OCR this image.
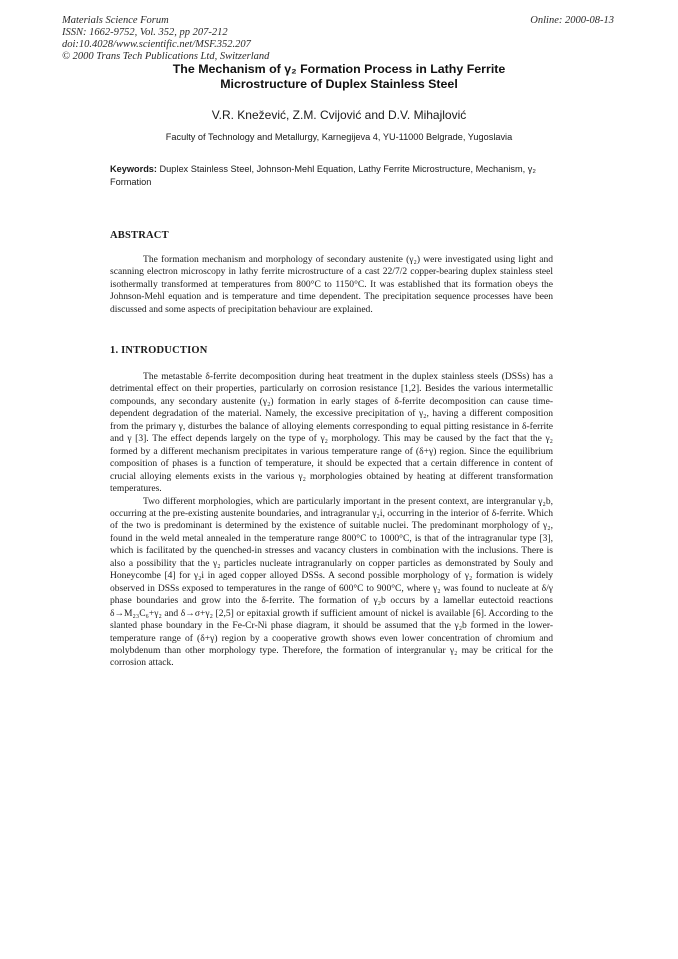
Materials Science Forum
ISSN: 1662-9752, Vol. 352, pp 207-212
doi:10.4028/www.scientific.net/MSF.352.207
© 2000 Trans Tech Publications Ltd, Switzerland
Online: 2000-08-13
The Mechanism of γ₂ Formation Process in Lathy Ferrite
Microstructure of Duplex Stainless Steel
V.R. Knežević, Z.M. Cvijović and D.V. Mihajlović
Faculty of Technology and Metallurgy, Karnegijeva 4, YU-11000 Belgrade, Yugoslavia
Keywords: Duplex Stainless Steel, Johnson-Mehl Equation, Lathy Ferrite Microstructure, Mechanism, γ₂ Formation
ABSTRACT

The formation mechanism and morphology of secondary austenite (γ₂) were investigated using light and scanning electron microscopy in lathy ferrite microstructure of a cast 22/7/2 copper-bearing duplex stainless steel isothermally transformed at temperatures from 800°C to 1150°C. It was established that its formation obeys the Johnson-Mehl equation and is temperature and time dependent. The precipitation sequence processes have been discussed and some aspects of precipitation behaviour are explained.

1. INTRODUCTION

The metastable δ-ferrite decomposition during heat treatment in the duplex stainless steels (DSSs) has a detrimental effect on their properties, particularly on corrosion resistance [1,2]. Besides the various intermetallic compounds, any secondary austenite (γ₂) formation in early stages of δ-ferrite decomposition can cause time-dependent degradation of the material. Namely, the excessive precipitation of γ₂, having a different composition from the primary γ, disturbes the balance of alloying elements corresponding to equal pitting resistance in δ-ferrite and γ [3]. The effect depends largely on the type of γ₂ morphology. This may be caused by the fact that the γ₂ formed by a different mechanism precipitates in various temperature range of (δ+γ) region. Since the equilibrium composition of phases is a function of temperature, it should be expected that a certain difference in content of crucial alloying elements exists in the various γ₂ morphologies obtained by heating at different transformation temperatures.

Two different morphologies, which are particularly important in the present context, are intergranular γ₂b, occurring at the pre-existing austenite boundaries, and intragranular γ₂i, occurring in the interior of δ-ferrite. Which of the two is predominant is determined by the existence of suitable nuclei. The predominant morphology of γ₂, found in the weld metal annealed in the temperature range 800°C to 1000°C, is that of the intragranular type [3], which is facilitated by the quenched-in stresses and vacancy clusters in combination with the inclusions. There is also a possibility that the γ₂ particles nucleate intragranularly on copper particles as demonstrated by Souly and Honeycombe [4] for γ₂i in aged copper alloyed DSSs. A second possible morphology of γ₂ formation is widely observed in DSSs exposed to temperatures in the range of 600°C to 900°C, where γ₂ was found to nucleate at δ/γ phase boundaries and grow into the δ-ferrite. The formation of γ₂b occurs by a lamellar eutectoid reactions δ→M₂₃C₆+γ₂ and δ→σ+γ₂ [2,5] or epitaxial growth if sufficient amount of nickel is available [6]. According to the slanted phase boundary in the Fe-Cr-Ni phase diagram, it should be assumed that the γ₂b formed in the lower-temperature range of (δ+γ) region by a cooperative growth shows even lower concentration of chromium and molybdenum than other morphology type. Therefore, the formation of intergranular γ₂ may be critical for the corrosion attack.
